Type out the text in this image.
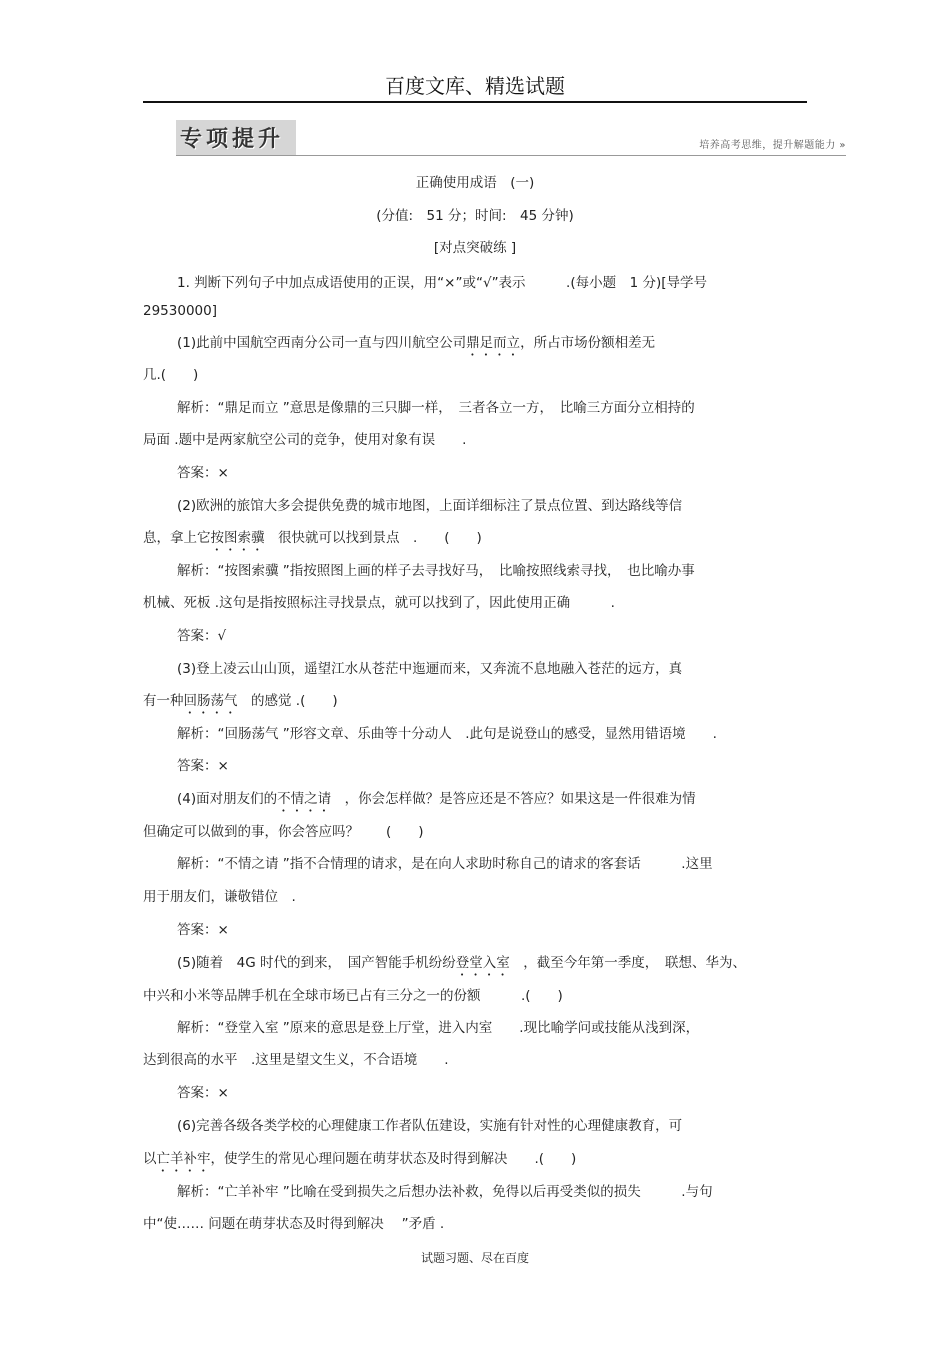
百度文库、精选试题
专项提升	培养高考思维，提升解题能力 »
正确使用成语　(一)
(分值:　51 分；时间:　45 分钟)
[对点突破练 ]
1. 判断下列句子中加点成语使用的正误，用“×”或“√”表示　　　.(每小题　1 分)[导学号
29530000]
(1)此前中国航空西南分公司一直与四川航空公司鼎足而立，所占市场份额相差无
几.(　　)
解析：“鼎足而立 ”意思是像鼎的三只脚一样，　三者各立一方，　比喻三方面分立相持的
局面 .题中是两家航空公司的竞争，使用对象有误　　.
答案：×
(2)欧洲的旅馆大多会提供免费的城市地图，上面详细标注了景点位置、到达路线等信
息，拿上它按图索骥　很快就可以找到景点　.　　(　　)
解析：“按图索骥 ”指按照图上画的样子去寻找好马，　比喻按照线索寻找，　也比喻办事
机械、死板 .这句是指按照标注寻找景点，就可以找到了，因此使用正确　　　.
答案：√
(3)登上凌云山山顶，遥望江水从苍茫中迤逦而来，又奔流不息地融入苍茫的远方，真
有一种回肠荡气　的感觉 .(　　)
解析：“回肠荡气 ”形容文章、乐曲等十分动人　.此句是说登山的感受，显然用错语境　　.
答案：×
(4)面对朋友们的不情之请　，你会怎样做？是答应还是不答应？如果这是一件很难为情
但确定可以做到的事，你会答应吗？　　(　　)
解析：“不情之请 ”指不合情理的请求，是在向人求助时称自己的请求的客套话　　　.这里
用于朋友们，谦敬错位　.
答案：×
(5)随着　4G 时代的到来，　国产智能手机纷纷登堂入室　，截至今年第一季度，　联想、华为、
中兴和小米等品牌手机在全球市场已占有三分之一的份额　　　.(　　)
解析：“登堂入室 ”原来的意思是登上厅堂，进入内室　　.现比喻学问或技能从浅到深，
达到很高的水平　.这里是望文生义，不合语境　　.
答案：×
(6)完善各级各类学校的心理健康工作者队伍建设，实施有针对性的心理健康教育，可
以亡羊补牢，使学生的常见心理问题在萌芽状态及时得到解决　　.(　　)
解析：“亡羊补牢 ”比喻在受到损失之后想办法补救，免得以后再受类似的损失　　　.与句
中“使…… 问题在萌芽状态及时得到解决　 ”矛盾 .
试题习题、尽在百度
